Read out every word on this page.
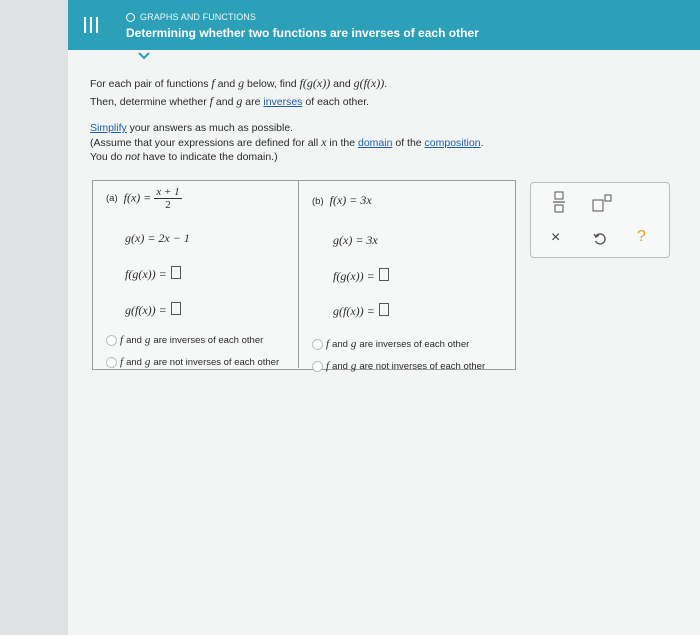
GRAPHS AND FUNCTIONS
Determining whether two functions are inverses of each other

For each pair of functions f and g below, find f(g(x)) and g(f(x)).

Then, determine whether f and g are inverses of each other.

Simplify your answers as much as possible.

(Assume that your expressions are defined for all x in the domain of the composition.

You do not have to indicate the domain.)

(a) $f(x) = \frac{x + 1}{2}$
g(x) = 2x − 1
f(g(x)) =
g(f(x)) =
f and g are inverses of each other
f and g are not inverses of each other
(b) f(x) = 3x
g(x) = 3x
f(g(x)) =
g(f(x)) =
f and g are inverses of each other
f and g are not inverses of each other
×	?
